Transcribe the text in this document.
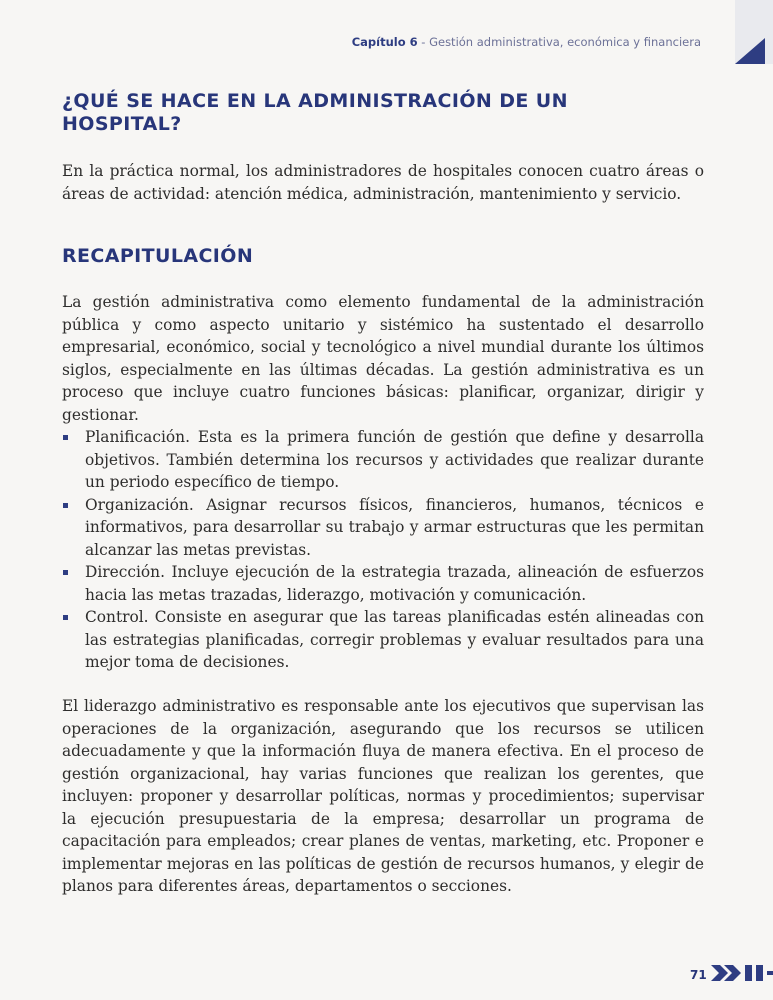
Capítulo 6 - Gestión administrativa, económica y financiera
¿QUÉ SE HACE EN LA ADMINISTRACIÓN DE UN HOSPITAL?

En la práctica normal, los administradores de hospitales conocen cuatro áreas o áreas de actividad: atención médica, administración, mantenimiento y servicio.

RECAPITULACIÓN

La gestión administrativa como elemento fundamental de la administración pública y como aspecto unitario y sistémico ha sustentado el desarrollo empresarial, económico, social y tecnológico a nivel mundial durante los últimos siglos, especialmente en las últimas décadas. La gestión administrativa es un proceso que incluye cuatro funciones básicas: planificar, organizar, dirigir y gestionar.

Planificación. Esta es la primera función de gestión que define y desarrolla objetivos. También determina los recursos y actividades que realizar durante un periodo específico de tiempo.
Organización. Asignar recursos físicos, financieros, humanos, técnicos e informativos, para desarrollar su trabajo y armar estructuras que les permitan alcanzar las metas previstas.
Dirección. Incluye ejecución de la estrategia trazada, alineación de esfuerzos hacia las metas trazadas, liderazgo, motivación y comunicación.
Control. Consiste en asegurar que las tareas planificadas estén alineadas con las estrategias planificadas, corregir problemas y evaluar resultados para una mejor toma de decisiones.

El liderazgo administrativo es responsable ante los ejecutivos que supervisan las operaciones de la organización, asegurando que los recursos se utilicen adecuadamente y que la información fluya de manera efectiva. En el proceso de gestión organizacional, hay varias funciones que realizan los gerentes, que incluyen: proponer y desarrollar políticas, normas y procedimientos; supervisar la ejecución presupuestaria de la empresa; desarrollar un programa de capacitación para empleados; crear planes de ventas, marketing, etc. Proponer e implementar mejoras en las políticas de gestión de recursos humanos, y elegir de planos para diferentes áreas, departamentos o secciones.

71
